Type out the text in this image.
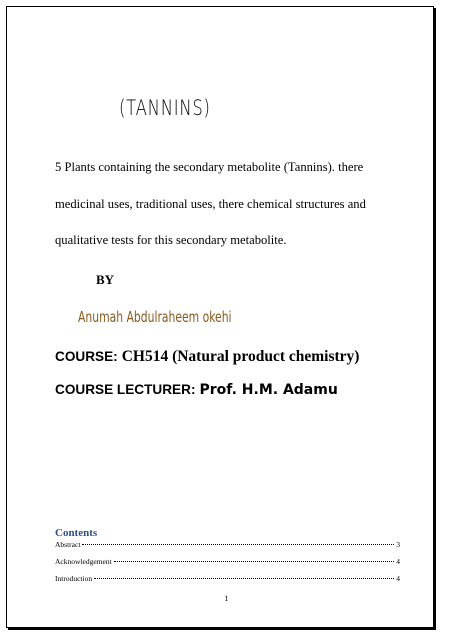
(TANNINS)
5 Plants containing the secondary metabolite (Tannins). there
medicinal uses, traditional uses, there chemical structures and
qualitative tests for this secondary metabolite.
BY
Anumah Abdulraheem okehi
COURSE: CH514 (Natural product chemistry)
COURSE LECTURER: Prof. H.M. Adamu
Contents
Abstract	3
Acknowledgement	4
Introduction	4
1
